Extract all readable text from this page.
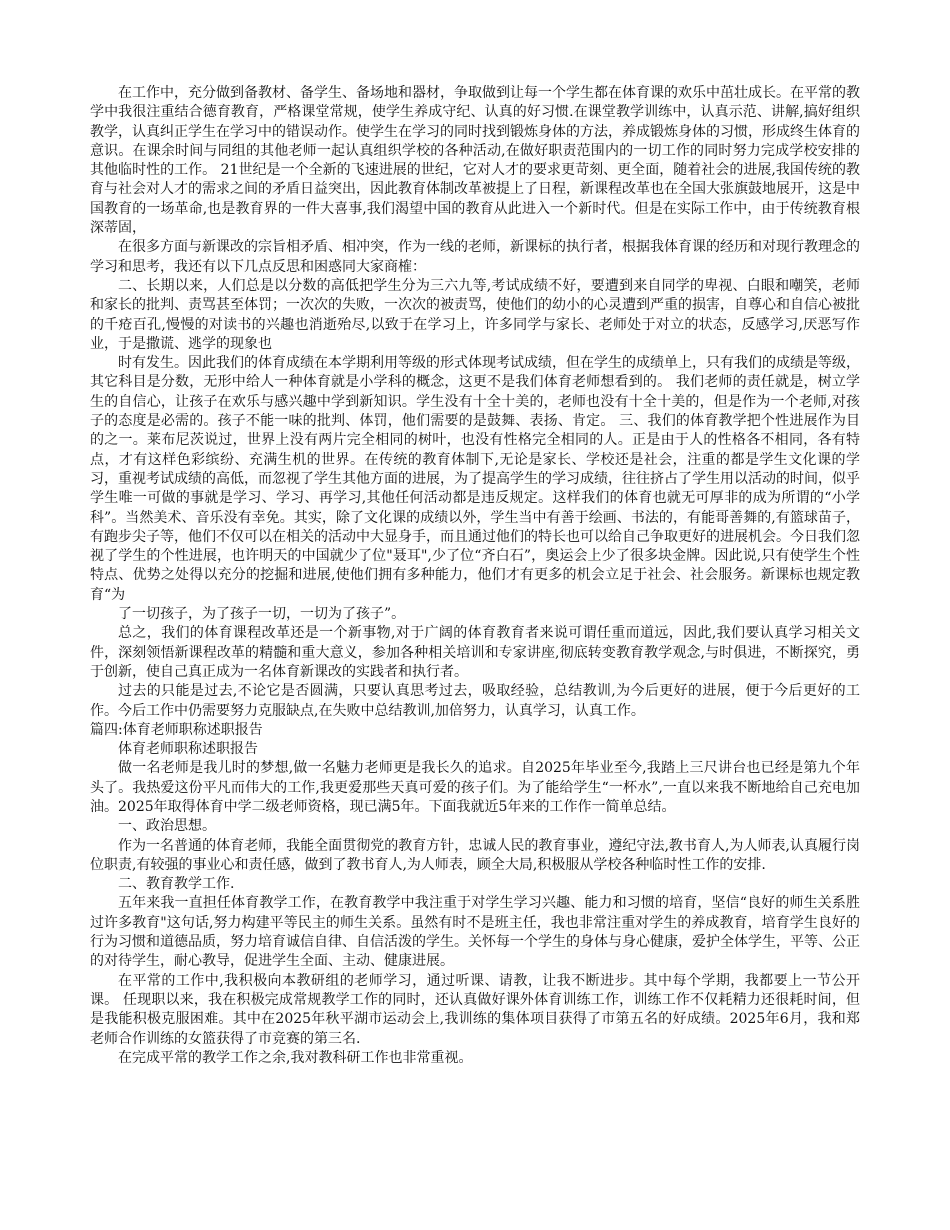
在工作中，充分做到备教材、备学生、备场地和器材，争取做到让每一个学生都在体育课的欢乐中茁壮成长。在平常的教学中我很注重结合德育教育，严格课堂常规，使学生养成守纪、认真的好习惯.在课堂教学训练中，认真示范、讲解,搞好组织教学，认真纠正学生在学习中的错误动作。使学生在学习的同时找到锻炼身体的方法，养成锻炼身体的习惯，形成终生体育的意识。在课余时间与同组的其他老师一起认真组织学校的各种活动,在做好职责范围内的一切工作的同时努力完成学校安排的其他临时性的工作。 21世纪是一个全新的飞速进展的世纪，它对人才的要求更苛刻、更全面，随着社会的进展,我国传统的教育与社会对人才的需求之间的矛盾日益突出，因此教育体制改革被提上了日程，新课程改革也在全国大张旗鼓地展开，这是中国教育的一场革命,也是教育界的一件大喜事,我们渴望中国的教育从此进入一个新时代。但是在实际工作中，由于传统教育根深蒂固，

在很多方面与新课改的宗旨相矛盾、相冲突，作为一线的老师，新课标的执行者，根据我体育课的经历和对现行教理念的学习和思考，我还有以下几点反思和困惑同大家商榷：

二、长期以来，人们总是以分数的高低把学生分为三六九等,考试成绩不好，要遭到来自同学的卑视、白眼和嘲笑，老师和家长的批判、责骂甚至体罚；一次次的失败，一次次的被责骂，使他们的幼小的心灵遭到严重的损害，自尊心和自信心被批的千疮百孔,慢慢的对读书的兴趣也消逝殆尽,以致于在学习上，许多同学与家长、老师处于对立的状态，反感学习,厌恶写作业，于是撒谎、逃学的现象也

时有发生。因此我们的体育成绩在本学期利用等级的形式体现考试成绩，但在学生的成绩单上，只有我们的成绩是等级，其它科目是分数，无形中给人一种体育就是小学科的概念，这更不是我们体育老师想看到的。 我们老师的责任就是，树立学生的自信心，让孩子在欢乐与感兴趣中学到新知识。学生没有十全十美的，老师也没有十全十美的，但是作为一个老师,对孩子的态度是必需的。孩子不能一味的批判、体罚，他们需要的是鼓舞、表扬、肯定。 三、我们的体育教学把个性进展作为目的之一。莱布尼茨说过，世界上没有两片完全相同的树叶，也没有性格完全相同的人。正是由于人的性格各不相同，各有特点，才有这样色彩缤纷、充满生机的世界。在传统的教育体制下,无论是家长、学校还是社会，注重的都是学生文化课的学习，重视考试成绩的高低，而忽视了学生其他方面的进展，为了提高学生的学习成绩，往往挤占了学生用以活动的时间，似乎学生唯一可做的事就是学习、学习、再学习,其他任何活动都是违反规定。这样我们的体育也就无可厚非的成为所谓的“小学科”。当然美术、音乐没有幸免。其实，除了文化课的成绩以外，学生当中有善于绘画、书法的，有能哥善舞的,有篮球苗子，有跑步尖子等，他们不仅可以在相关的活动中大显身手，而且通过他们的特长也可以给自己争取更好的进展机会。今日我们忽视了学生的个性进展，也许明天的中国就少了位"聂耳",少了位“齐白石”，奥运会上少了很多块金牌。因此说,只有使学生个性特点、优势之处得以充分的挖掘和进展,使他们拥有多种能力，他们才有更多的机会立足于社会、社会服务。新课标也规定教育“为

了一切孩子，为了孩子一切，一切为了孩子”。

总之，我们的体育课程改革还是一个新事物,对于广阔的体育教育者来说可谓任重而道远，因此,我们要认真学习相关文件，深刻领悟新课程改革的精髓和重大意义，参加各种相关培训和专家讲座,彻底转变教育教学观念,与时俱进，不断探究，勇于创新，使自己真正成为一名体育新课改的实践者和执行者。

过去的只能是过去,不论它是否圆满，只要认真思考过去，吸取经验，总结教训,为今后更好的进展，便于今后更好的工作。今后工作中仍需要努力克服缺点,在失败中总结教训,加倍努力，认真学习，认真工作。

篇四:体育老师职称述职报告

体育老师职称述职报告

做一名老师是我儿时的梦想,做一名魅力老师更是我长久的追求。自2025年毕业至今,我踏上三尺讲台也已经是第九个年头了。我热爱这份平凡而伟大的工作,我更爱那些天真可爱的孩子们。为了能给学生“一杯水”,一直以来我不断地给自己充电加油。2025年取得体育中学二级老师资格，现已满5年。下面我就近5年来的工作作一简单总结。

一、政治思想。

作为一名普通的体育老师，我能全面贯彻党的教育方针，忠诚人民的教育事业，遵纪守法,教书育人,为人师表,认真履行岗位职责,有较强的事业心和责任感，做到了教书育人,为人师表，顾全大局,积极服从学校各种临时性工作的安排.

二、教育教学工作.

五年来我一直担任体育教学工作，在教育教学中我注重于对学生学习兴趣、能力和习惯的培育，坚信“良好的师生关系胜过许多教育"这句话,努力构建平等民主的师生关系。虽然有时不是班主任，我也非常注重对学生的养成教育，培育学生良好的行为习惯和道德品质，努力培育诚信自律、自信活泼的学生。关怀每一个学生的身体与身心健康，爱护全体学生，平等、公正的对待学生，耐心教导，促进学生全面、主动、健康进展。

在平常的工作中,我积极向本教研组的老师学习，通过听课、请教，让我不断进步。其中每个学期，我都要上一节公开课。 任现职以来，我在积极完成常规教学工作的同时，还认真做好课外体育训练工作，训练工作不仅耗精力还很耗时间，但是我能积极克服困难。其中在2025年秋平湖市运动会上,我训练的集体项目获得了市第五名的好成绩。2025年6月，我和郑老师合作训练的女篮获得了市竞赛的第三名.

在完成平常的教学工作之余,我对教科研工作也非常重视。
